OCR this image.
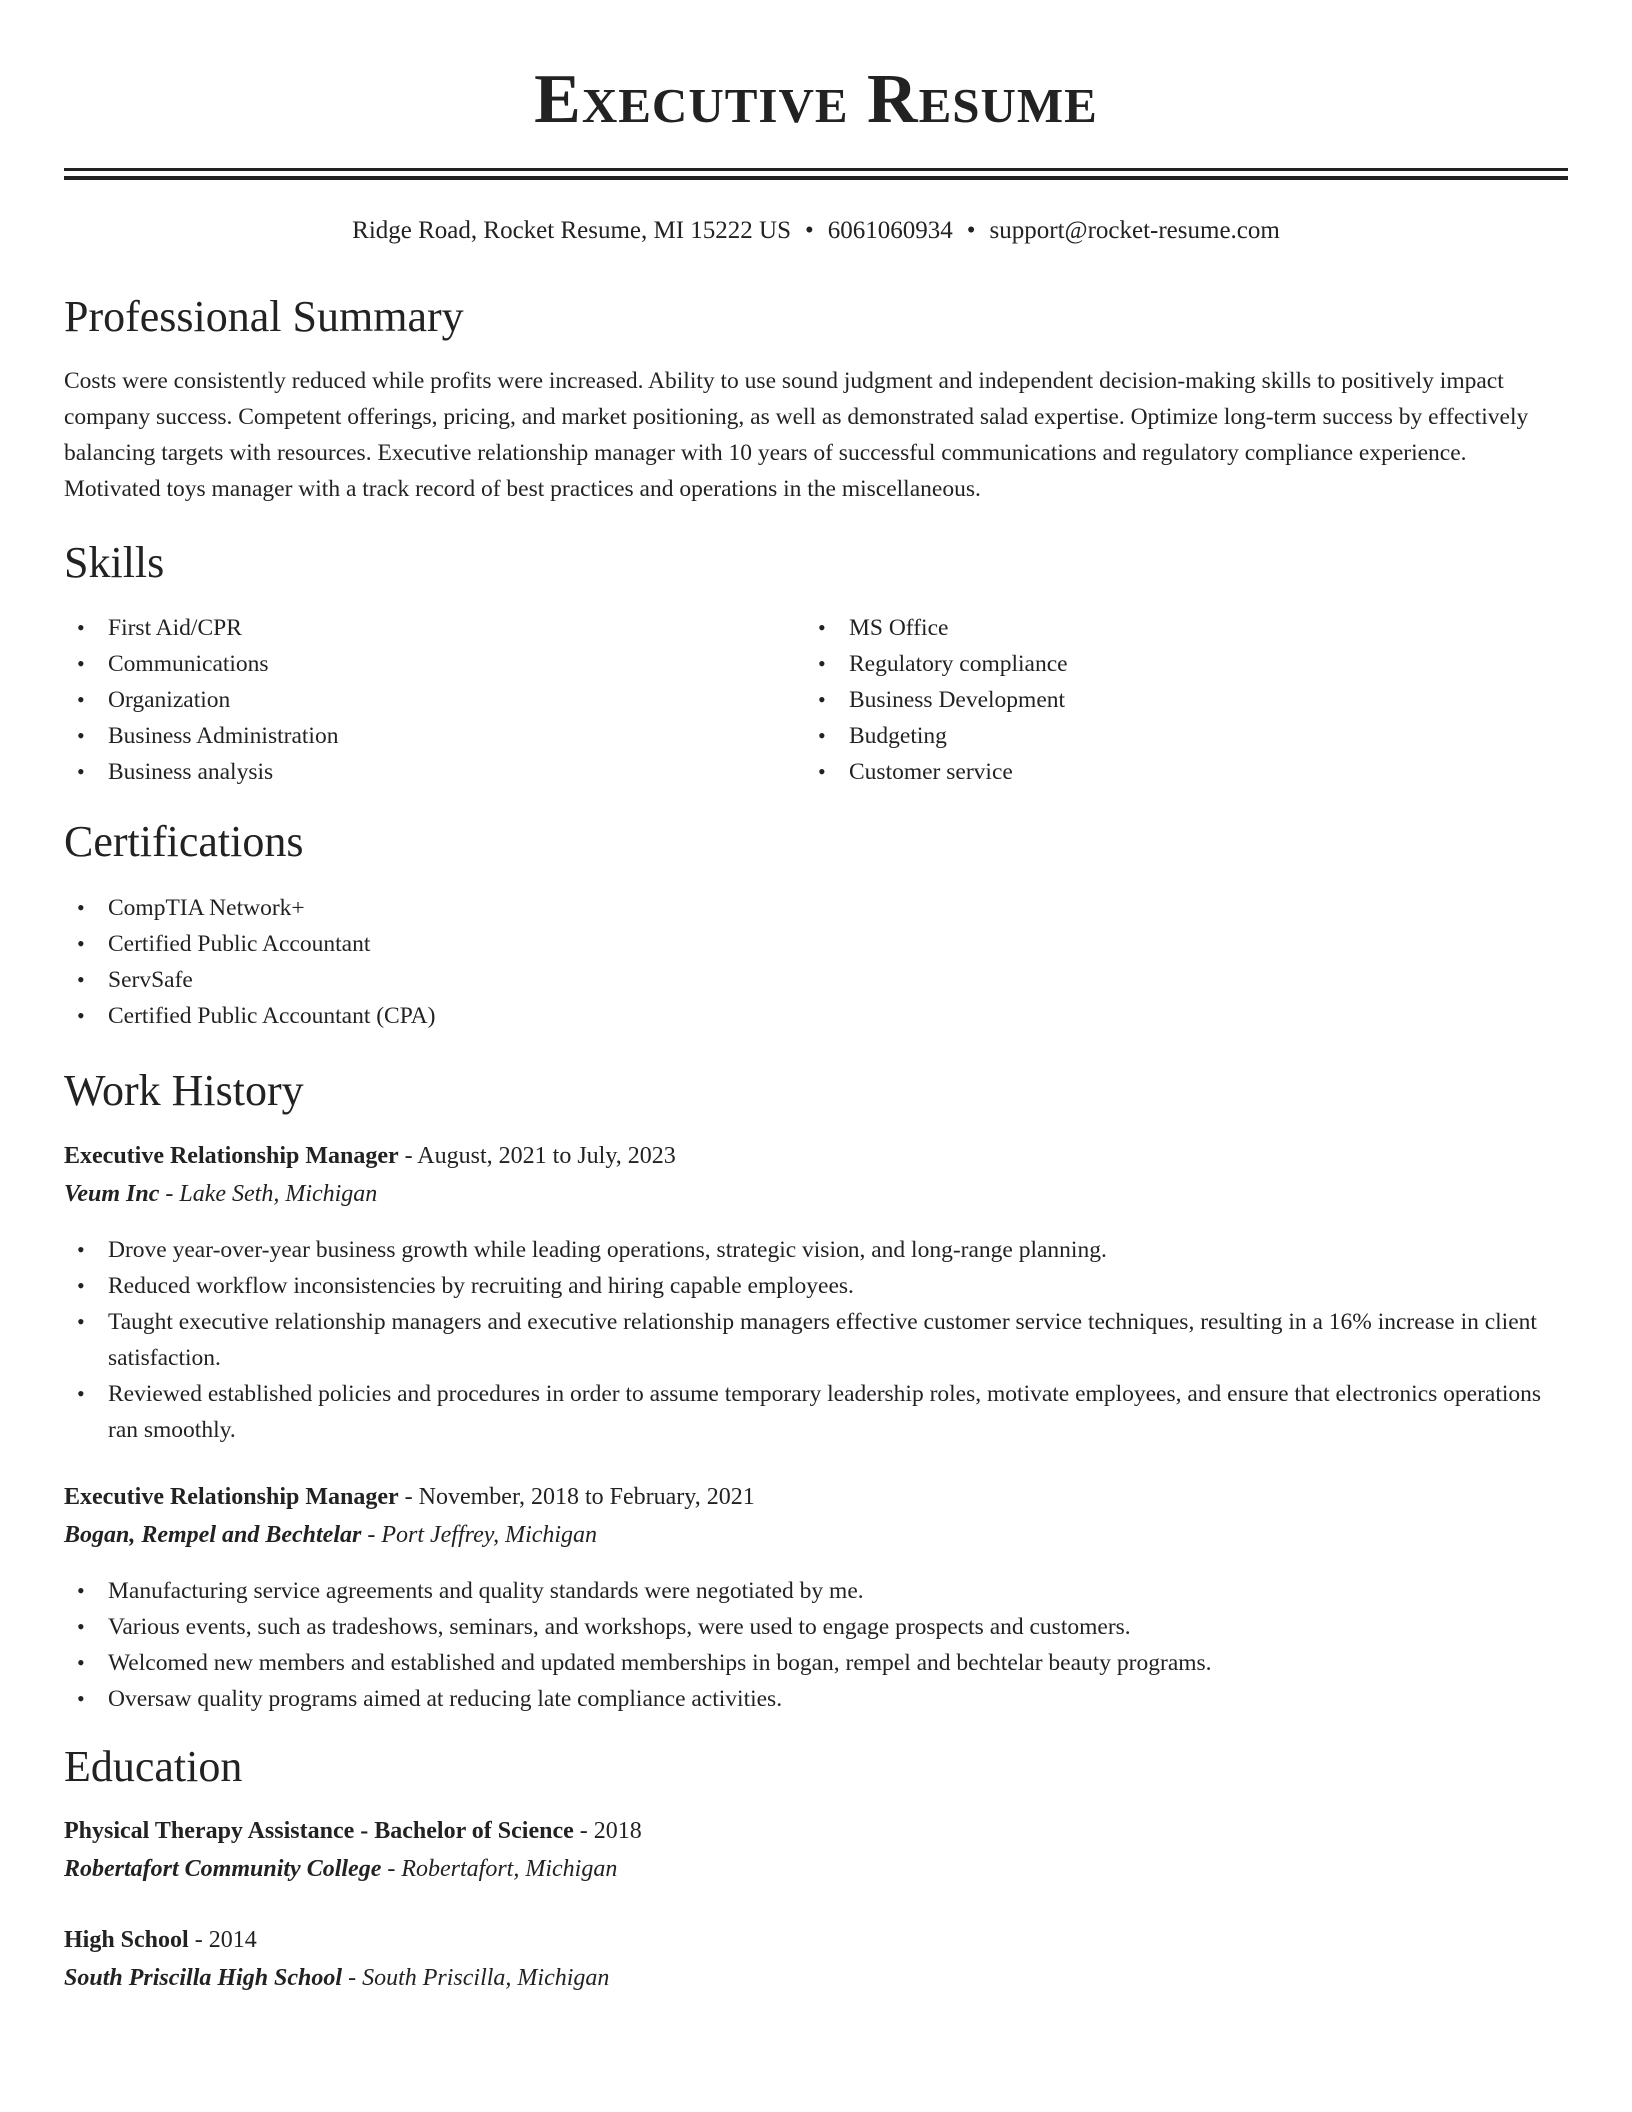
Executive Resume
Ridge Road, Rocket Resume, MI 15222 US • 6061060934 • support@rocket-resume.com
Professional Summary

Costs were consistently reduced while profits were increased. Ability to use sound judgment and independent decision-making skills to positively impact company success. Competent offerings, pricing, and market positioning, as well as demonstrated salad expertise. Optimize long-term success by effectively balancing targets with resources. Executive relationship manager with 10 years of successful communications and regulatory compliance experience. Motivated toys manager with a track record of best practices and operations in the miscellaneous.

Skills
• First Aid/CPR
• Communications
• Organization
• Business Administration
• Business analysis
• MS Office
• Regulatory compliance
• Business Development
• Budgeting
• Customer service
Certifications
• CompTIA Network+
• Certified Public Accountant
• ServSafe
• Certified Public Accountant (CPA)
Work History
Executive Relationship Manager - August, 2021 to July, 2023
Veum Inc - Lake Seth, Michigan
• Drove year-over-year business growth while leading operations, strategic vision, and long-range planning.
• Reduced workflow inconsistencies by recruiting and hiring capable employees.
• Taught executive relationship managers and executive relationship managers effective customer service techniques, resulting in a 16% increase in client satisfaction.
• Reviewed established policies and procedures in order to assume temporary leadership roles, motivate employees, and ensure that electronics operations ran smoothly.
Executive Relationship Manager - November, 2018 to February, 2021
Bogan, Rempel and Bechtelar - Port Jeffrey, Michigan
• Manufacturing service agreements and quality standards were negotiated by me.
• Various events, such as tradeshows, seminars, and workshops, were used to engage prospects and customers.
• Welcomed new members and established and updated memberships in bogan, rempel and bechtelar beauty programs.
• Oversaw quality programs aimed at reducing late compliance activities.
Education
Physical Therapy Assistance - Bachelor of Science - 2018
Robertafort Community College - Robertafort, Michigan
High School - 2014
South Priscilla High School - South Priscilla, Michigan
